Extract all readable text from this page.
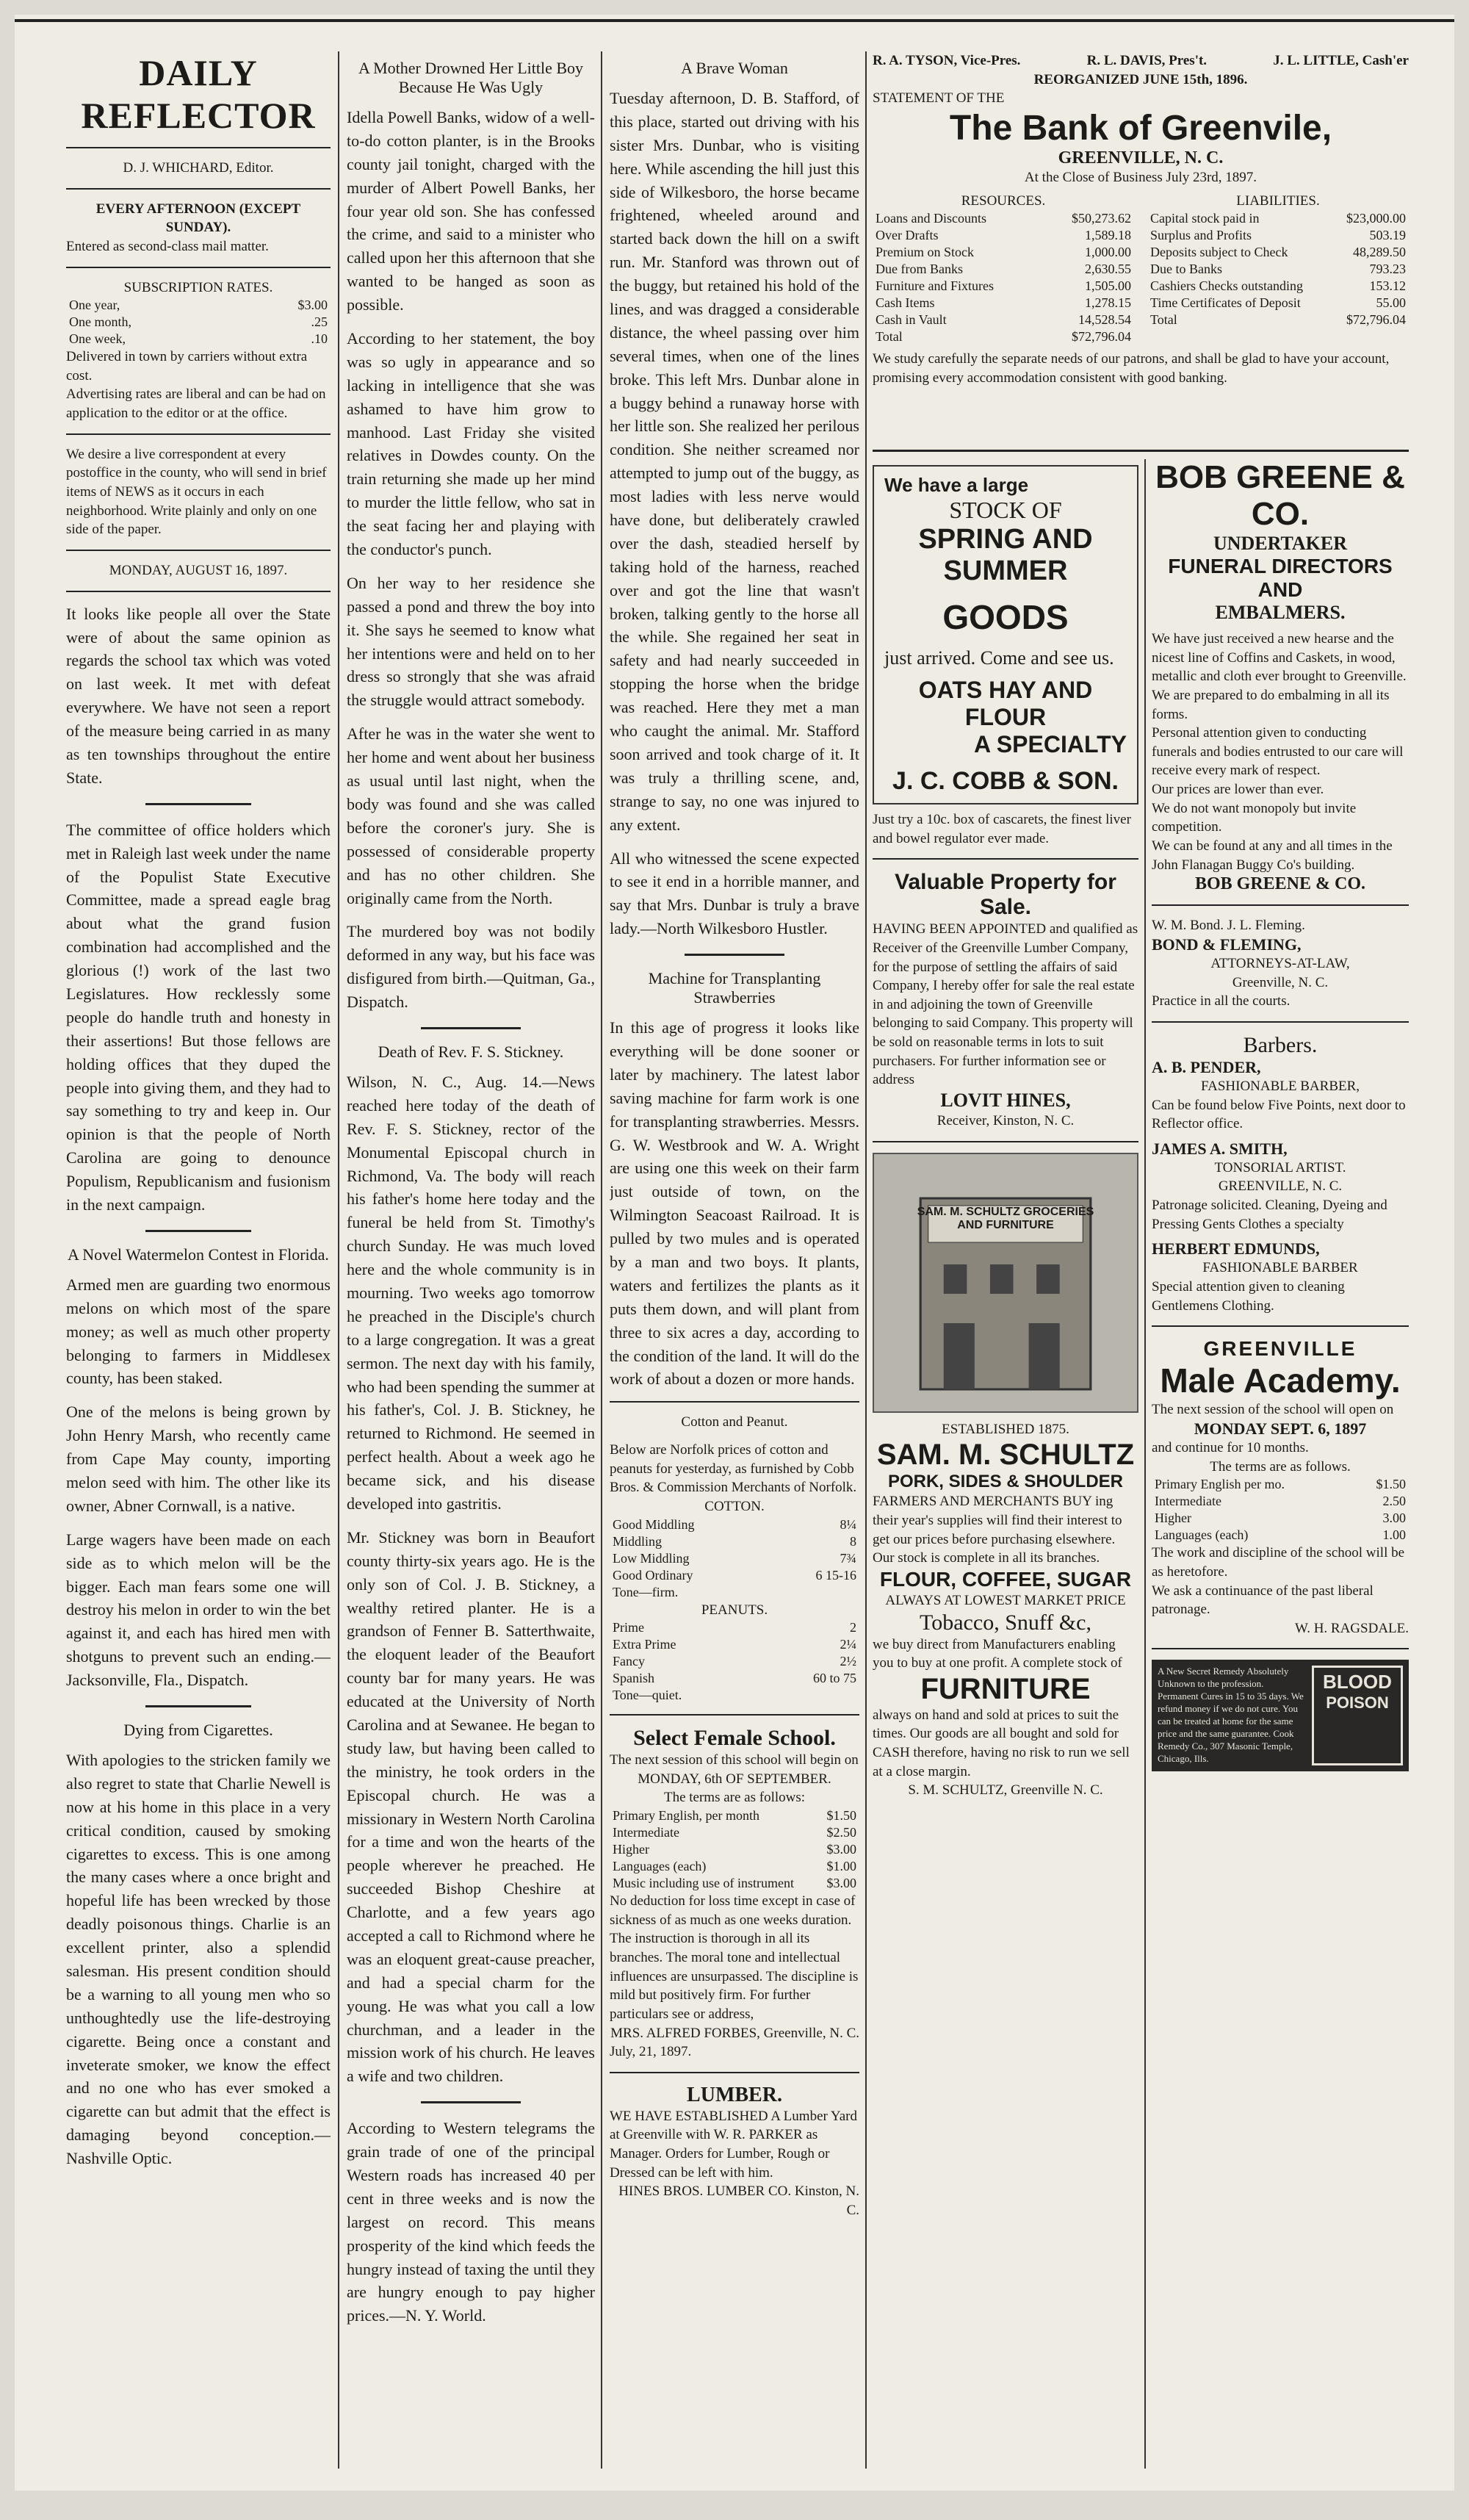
DAILY REFLECTOR
D. J. WHICHARD, Editor.
EVERY AFTERNOON (EXCEPT SUNDAY).
Entered as second-class mail matter.
SUBSCRIPTION RATES.
One year,	$3.00
One month,	.25
One week,	.10
Delivered in town by carriers without extra cost.
Advertising rates are liberal and can be had on application to the editor or at the office.
We desire a live correspondent at every postoffice in the county, who will send in brief items of NEWS as it occurs in each neighborhood. Write plainly and only on one side of the paper.
MONDAY, AUGUST 16, 1897.

It looks like people all over the State were of about the same opinion as regards the school tax which was voted on last week. It met with defeat everywhere. We have not seen a report of the measure being carried in as many as ten townships throughout the entire State.

The committee of office holders which met in Raleigh last week under the name of the Populist State Executive Committee, made a spread eagle brag about what the grand fusion combination had accomplished and the glorious (!) work of the last two Legislatures. How recklessly some people do handle truth and honesty in their assertions! But those fellows are holding offices that they duped the people into giving them, and they had to say something to try and keep in. Our opinion is that the people of North Carolina are going to denounce Populism, Republicanism and fusionism in the next campaign.

A Novel Watermelon Contest in Florida.

Armed men are guarding two enormous melons on which most of the spare money; as well as much other property belonging to farmers in Middlesex county, has been staked.

One of the melons is being grown by John Henry Marsh, who recently came from Cape May county, importing melon seed with him. The other like its owner, Abner Cornwall, is a native.

Large wagers have been made on each side as to which melon will be the bigger. Each man fears some one will destroy his melon in order to win the bet against it, and each has hired men with shotguns to prevent such an ending.—Jacksonville, Fla., Dispatch.

Dying from Cigarettes.

With apologies to the stricken family we also regret to state that Charlie Newell is now at his home in this place in a very critical condition, caused by smoking cigarettes to excess. This is one among the many cases where a once bright and hopeful life has been wrecked by those deadly poisonous things. Charlie is an excellent printer, also a splendid salesman. His present condition should be a warning to all young men who so unthoughtedly use the life-destroying cigarette. Being once a constant and inveterate smoker, we know the effect and no one who has ever smoked a cigarette can but admit that the effect is damaging beyond conception.—Nashville Optic.

A Mother Drowned Her Little Boy Because He Was Ugly

Idella Powell Banks, widow of a well-to-do cotton planter, is in the Brooks county jail tonight, charged with the murder of Albert Powell Banks, her four year old son. She has confessed the crime, and said to a minister who called upon her this afternoon that she wanted to be hanged as soon as possible.

According to her statement, the boy was so ugly in appearance and so lacking in intelligence that she was ashamed to have him grow to manhood. Last Friday she visited relatives in Dowdes county. On the train returning she made up her mind to murder the little fellow, who sat in the seat facing her and playing with the conductor's punch.

On her way to her residence she passed a pond and threw the boy into it. She says he seemed to know what her intentions were and held on to her dress so strongly that she was afraid the struggle would attract somebody.

After he was in the water she went to her home and went about her business as usual until last night, when the body was found and she was called before the coroner's jury. She is possessed of considerable property and has no other children. She originally came from the North.

The murdered boy was not bodily deformed in any way, but his face was disfigured from birth.—Quitman, Ga., Dispatch.

Death of Rev. F. S. Stickney.

Wilson, N. C., Aug. 14.—News reached here today of the death of Rev. F. S. Stickney, rector of the Monumental Episcopal church in Richmond, Va. The body will reach his father's home here today and the funeral be held from St. Timothy's church Sunday. He was much loved here and the whole community is in mourning. Two weeks ago tomorrow he preached in the Disciple's church to a large congregation. It was a great sermon. The next day with his family, who had been spending the summer at his father's, Col. J. B. Stickney, he returned to Richmond. He seemed in perfect health. About a week ago he became sick, and his disease developed into gastritis.

Mr. Stickney was born in Beaufort county thirty-six years ago. He is the only son of Col. J. B. Stickney, a wealthy retired planter. He is a grandson of Fenner B. Satterthwaite, the eloquent leader of the Beaufort county bar for many years. He was educated at the University of North Carolina and at Sewanee. He began to study law, but having been called to the ministry, he took orders in the Episcopal church. He was a missionary in Western North Carolina for a time and won the hearts of the people wherever he preached. He succeeded Bishop Cheshire at Charlotte, and a few years ago accepted a call to Richmond where he was an eloquent great-cause preacher, and had a special charm for the young. He was what you call a low churchman, and a leader in the mission work of his church. He leaves a wife and two children.

According to Western telegrams the grain trade of one of the principal Western roads has increased 40 per cent in three weeks and is now the largest on record. This means prosperity of the kind which feeds the hungry instead of taxing the until they are hungry enough to pay higher prices.—N. Y. World.

A Brave Woman

Tuesday afternoon, D. B. Stafford, of this place, started out driving with his sister Mrs. Dunbar, who is visiting here. While ascending the hill just this side of Wilkesboro, the horse became frightened, wheeled around and started back down the hill on a swift run. Mr. Stanford was thrown out of the buggy, but retained his hold of the lines, and was dragged a considerable distance, the wheel passing over him several times, when one of the lines broke. This left Mrs. Dunbar alone in a buggy behind a runaway horse with her little son. She realized her perilous condition. She neither screamed nor attempted to jump out of the buggy, as most ladies with less nerve would have done, but deliberately crawled over the dash, steadied herself by taking hold of the harness, reached over and got the line that wasn't broken, talking gently to the horse all the while. She regained her seat in safety and had nearly succeeded in stopping the horse when the bridge was reached. Here they met a man who caught the animal. Mr. Stafford soon arrived and took charge of it. It was truly a thrilling scene, and, strange to say, no one was injured to any extent.

All who witnessed the scene expected to see it end in a horrible manner, and say that Mrs. Dunbar is truly a brave lady.—North Wilkesboro Hustler.

Machine for Transplanting Strawberries

In this age of progress it looks like everything will be done sooner or later by machinery. The latest labor saving machine for farm work is one for transplanting strawberries. Messrs. G. W. Westbrook and W. A. Wright are using one this week on their farm just outside of town, on the Wilmington Seacoast Railroad. It is pulled by two mules and is operated by a man and two boys. It plants, waters and fertilizes the plants as it puts them down, and will plant from three to six acres a day, according to the condition of the land. It will do the work of about a dozen or more hands.

Cotton and Peanut.
Below are Norfolk prices of cotton and peanuts for yesterday, as furnished by Cobb Bros. & Commission Merchants of Norfolk.
COTTON.
Good Middling	8¼
Middling	8
Low Middling	7¾
Good Ordinary	6 15-16
Tone—firm.	
PEANUTS.
Prime	2
Extra Prime	2¼
Fancy	2½
Spanish	60 to 75
Tone—quiet.	
Select Female School.
The next session of this school will begin on
MONDAY, 6th OF SEPTEMBER.
The terms are as follows:
Primary English, per month	$1.50
Intermediate	$2.50
Higher	$3.00
Languages (each)	$1.00
Music including use of instrument	$3.00
No deduction for loss time except in case of sickness of as much as one weeks duration.
The instruction is thorough in all its branches. The moral tone and intellectual influences are unsurpassed. The discipline is mild but positively firm. For further particulars see or address,
MRS. ALFRED FORBES, Greenville, N. C.
July, 21, 1897.
LUMBER.
WE HAVE ESTABLISHED A Lumber Yard at Greenville with W. R. PARKER as Manager. Orders for Lumber, Rough or Dressed can be left with him.
HINES BROS. LUMBER CO. Kinston, N. C.
R. A. TYSON, Vice-Pres.	R. L. DAVIS, Pres't.	J. L. LITTLE, Cash'er
REORGANIZED JUNE 15th, 1896.
STATEMENT OF THE
The Bank of Greenvile,
GREENVILLE, N. C.
At the Close of Business July 23rd, 1897.
RESOURCES.
Loans and Discounts	$50,273.62
Over Drafts	1,589.18
Premium on Stock	1,000.00
Due from Banks	2,630.55
Furniture and Fixtures	1,505.00
Cash Items	1,278.15
Cash in Vault	14,528.54
Total	$72,796.04
LIABILITIES.
Capital stock paid in	$23,000.00
Surplus and Profits	503.19
Deposits subject to Check	48,289.50
Due to Banks	793.23
Cashiers Checks outstanding	153.12
Time Certificates of Deposit	55.00
Total	$72,796.04
We study carefully the separate needs of our patrons, and shall be glad to have your account, promising every accommodation consistent with good banking.
We have a large
STOCK OF
SPRING AND SUMMER
GOODS
just arrived. Come and see us.
OATS HAY AND FLOUR
A SPECIALTY
J. C. COBB & SON.
Just try a 10c. box of cascarets, the finest liver and bowel regulator ever made.
Valuable Property for Sale.
HAVING BEEN APPOINTED and qualified as Receiver of the Greenville Lumber Company, for the purpose of settling the affairs of said Company, I hereby offer for sale the real estate in and adjoining the town of Greenville belonging to said Company. This property will be sold on reasonable terms in lots to suit purchasers. For further information see or address
LOVIT HINES,
Receiver, Kinston, N. C.
SAM. M. SCHULTZ GROCERIES AND FURNITURE
ESTABLISHED 1875.
SAM. M. SCHULTZ
PORK, SIDES & SHOULDER
FARMERS AND MERCHANTS BUY ing their year's supplies will find their interest to get our prices before purchasing elsewhere. Our stock is complete in all its branches.
FLOUR, COFFEE, SUGAR
ALWAYS AT LOWEST MARKET PRICE
Tobacco, Snuff &c,
we buy direct from Manufacturers enabling you to buy at one profit. A complete stock of
FURNITURE
always on hand and sold at prices to suit the times. Our goods are all bought and sold for CASH therefore, having no risk to run we sell at a close margin.
S. M. SCHULTZ, Greenville N. C.
BOB GREENE & CO.
UNDERTAKER
FUNERAL DIRECTORS AND
EMBALMERS.
We have just received a new hearse and the nicest line of Coffins and Caskets, in wood, metallic and cloth ever brought to Greenville.
We are prepared to do embalming in all its forms.
Personal attention given to conducting funerals and bodies entrusted to our care will receive every mark of respect.
Our prices are lower than ever.
We do not want monopoly but invite competition.
We can be found at any and all times in the John Flanagan Buggy Co's building.
BOB GREENE & CO.
W. M. Bond. J. L. Fleming.
BOND & FLEMING,
ATTORNEYS-AT-LAW,
Greenville, N. C.
Practice in all the courts.
Barbers.
A. B. PENDER,
FASHIONABLE BARBER,
Can be found below Five Points, next door to Reflector office.
JAMES A. SMITH,
TONSORIAL ARTIST.
GREENVILLE, N. C.
Patronage solicited. Cleaning, Dyeing and Pressing Gents Clothes a specialty
HERBERT EDMUNDS,
FASHIONABLE BARBER
Special attention given to cleaning Gentlemens Clothing.
GREENVILLE
Male Academy.
The next session of the school will open on
MONDAY SEPT. 6, 1897
and continue for 10 months.
The terms are as follows.
Primary English per mo.	$1.50
Intermediate	2.50
Higher	3.00
Languages (each)	1.00
The work and discipline of the school will be as heretofore.
We ask a continuance of the past liberal patronage.
W. H. RAGSDALE.
A New Secret Remedy Absolutely Unknown to the profession. Permanent Cures in 15 to 35 days. We refund money if we do not cure. You can be treated at home for the same price and the same guarantee. Cook Remedy Co., 307 Masonic Temple, Chicago, Ills.
BLOOD
POISON
